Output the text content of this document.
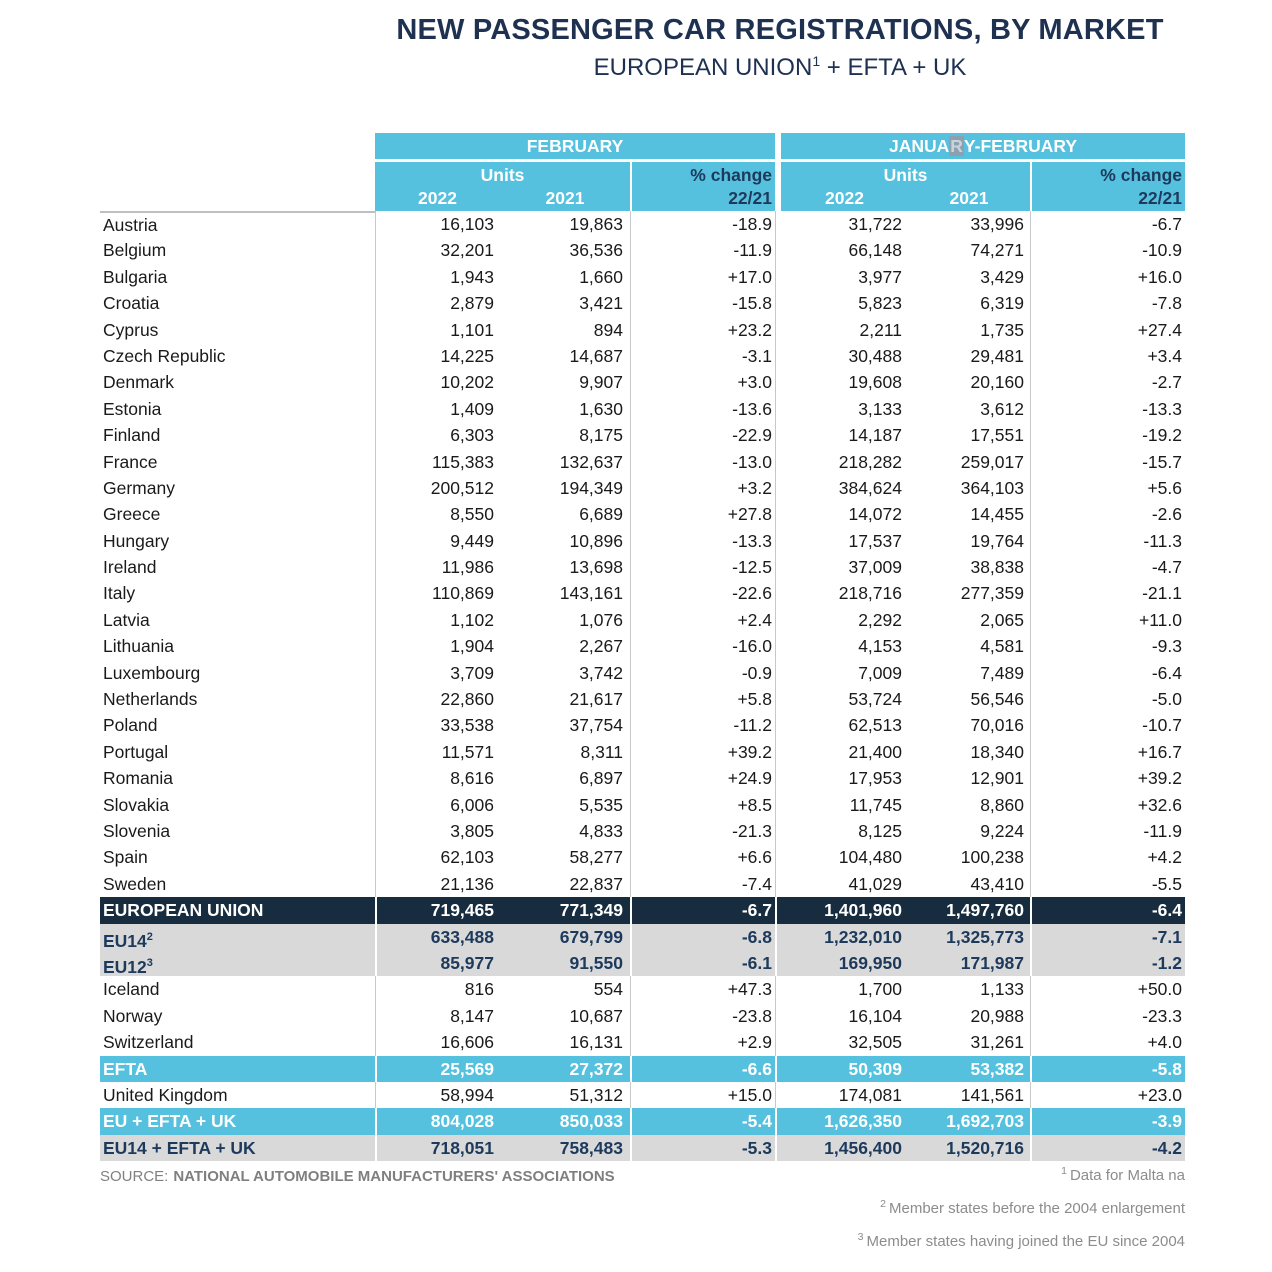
NEW PASSENGER CAR REGISTRATIONS, BY MARKET
EUROPEAN $UNION^1$ + EFTA + UK
FEBRUARY	JANUARY-FEBRUARY
Units	% change
2022	2021	22/21
Units	% change
2022	2021	22/21
Austria	16,103	19,863	-18.9	31,722	33,996	-6.7
Belgium	32,201	36,536	-11.9	66,148	74,271	-10.9
Bulgaria	1,943	1,660	+17.0	3,977	3,429	+16.0
Croatia	2,879	3,421	-15.8	5,823	6,319	-7.8
Cyprus	1,101	894	+23.2	2,211	1,735	+27.4
Czech Republic	14,225	14,687	-3.1	30,488	29,481	+3.4
Denmark	10,202	9,907	+3.0	19,608	20,160	-2.7
Estonia	1,409	1,630	-13.6	3,133	3,612	-13.3
Finland	6,303	8,175	-22.9	14,187	17,551	-19.2
France	115,383	132,637	-13.0	218,282	259,017	-15.7
Germany	200,512	194,349	+3.2	384,624	364,103	+5.6
Greece	8,550	6,689	+27.8	14,072	14,455	-2.6
Hungary	9,449	10,896	-13.3	17,537	19,764	-11.3
Ireland	11,986	13,698	-12.5	37,009	38,838	-4.7
Italy	110,869	143,161	-22.6	218,716	277,359	-21.1
Latvia	1,102	1,076	+2.4	2,292	2,065	+11.0
Lithuania	1,904	2,267	-16.0	4,153	4,581	-9.3
Luxembourg	3,709	3,742	-0.9	7,009	7,489	-6.4
Netherlands	22,860	21,617	+5.8	53,724	56,546	-5.0
Poland	33,538	37,754	-11.2	62,513	70,016	-10.7
Portugal	11,571	8,311	+39.2	21,400	18,340	+16.7
Romania	8,616	6,897	+24.9	17,953	12,901	+39.2
Slovakia	6,006	5,535	+8.5	11,745	8,860	+32.6
Slovenia	3,805	4,833	-21.3	8,125	9,224	-11.9
Spain	62,103	58,277	+6.6	104,480	100,238	+4.2
Sweden	21,136	22,837	-7.4	41,029	43,410	-5.5
EUROPEAN UNION	719,465	771,349	-6.7	1,401,960	1,497,760	-6.4
$EU14^2$	633,488	679,799	-6.8	1,232,010	1,325,773	-7.1
$EU12^3$	85,977	91,550	-6.1	169,950	171,987	-1.2
Iceland	816	554	+47.3	1,700	1,133	+50.0
Norway	8,147	10,687	-23.8	16,104	20,988	-23.3
Switzerland	16,606	16,131	+2.9	32,505	31,261	+4.0
EFTA	25,569	27,372	-6.6	50,309	53,382	-5.8
United Kingdom	58,994	51,312	+15.0	174,081	141,561	+23.0
EU + EFTA + UK	804,028	850,033	-5.4	1,626,350	1,692,703	-3.9
EU14 + EFTA + UK	718,051	758,483	-5.3	1,456,400	1,520,716	-4.2
SOURCE: NATIONAL AUTOMOBILE MANUFACTURERS' ASSOCIATIONS	$^1$ Data for Malta na
$^2$ Member states before the 2004 enlargement
$^3$ Member states having joined the EU since 2004
